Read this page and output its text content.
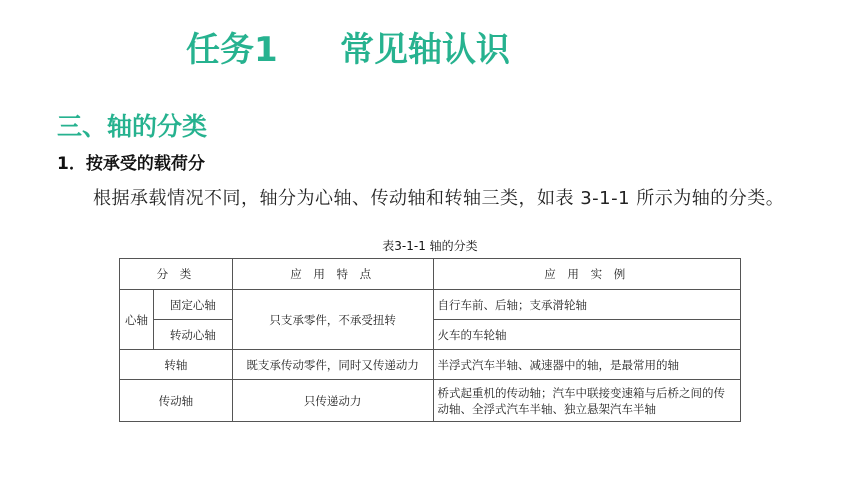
任务1 常见轴认识
三、轴的分类
1．按承受的载荷分
根据承载情况不同，轴分为心轴、传动轴和转轴三类，如表 3-1-1 所示为轴的分类。
表3-1-1 轴的分类
分 类		应 用 特 点	应 用 实 例
心轴	固定心轴	只支承零件，不承受扭转	自行车前、后轴；支承滑轮轴
	转动心轴		火车的车轮轴
转轴		既支承传动零件，同时又传递动力	半浮式汽车半轴、减速器中的轴，是最常用的轴
传动轴		只传递动力	桥式起重机的传动轴；汽车中联接变速箱与后桥之间的传动轴、全浮式汽车半轴、独立悬架汽车半轴
